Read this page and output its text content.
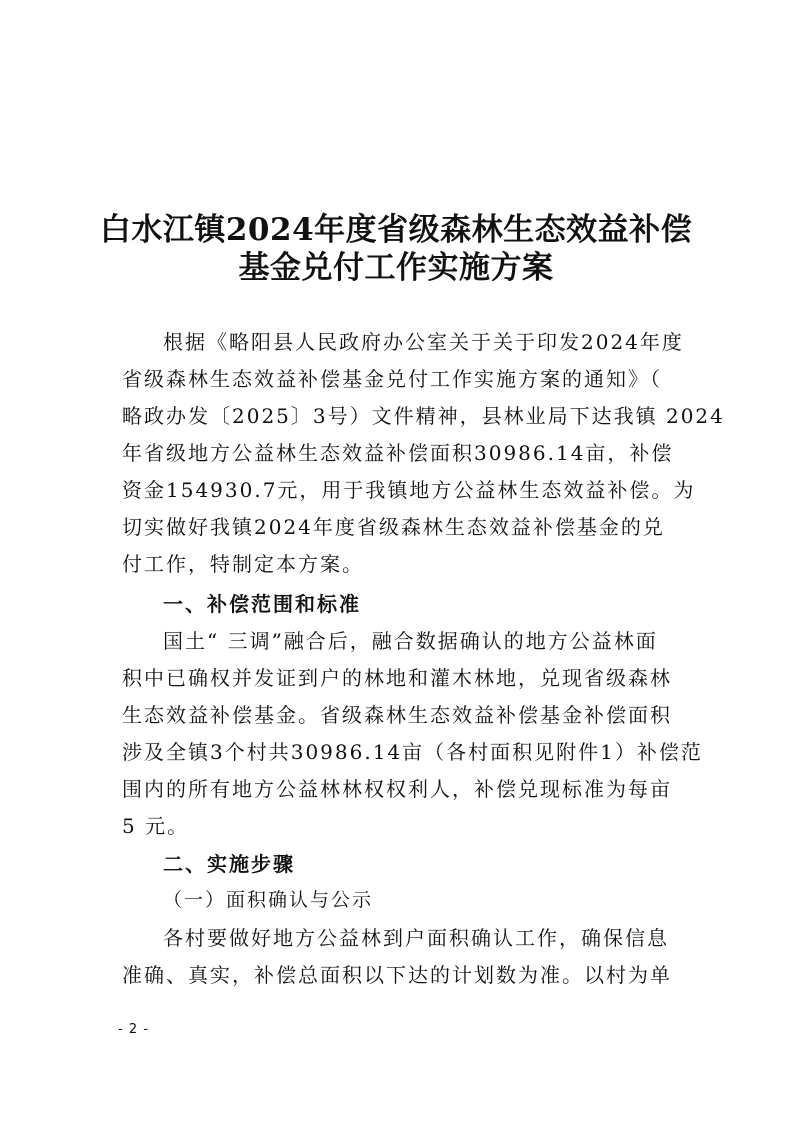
白水江镇2024年度省级森林生态效益补偿
基金兑付工作实施方案
根据《略阳县人民政府办公室关于关于印发2024年度
省级森林生态效益补偿基金兑付工作实施方案的通知》（
略政办发〔2025〕3号）文件精神，县林业局下达我镇 2024
年省级地方公益林生态效益补偿面积30986.14亩，补偿
资金154930.7元，用于我镇地方公益林生态效益补偿。为
切实做好我镇2024年度省级森林生态效益补偿基金的兑
付工作，特制定本方案。
一、补偿范围和标准
国土“ 三调”融合后，融合数据确认的地方公益林面
积中已确权并发证到户的林地和灌木林地，兑现省级森林
生态效益补偿基金。省级森林生态效益补偿基金补偿面积
涉及全镇3个村共30986.14亩（各村面积见附件1）补偿范
围内的所有地方公益林林权权利人，补偿兑现标准为每亩
5 元。
二、实施步骤
（一）面积确认与公示
各村要做好地方公益林到户面积确认工作，确保信息
准确、真实，补偿总面积以下达的计划数为准。以村为单
- 2 -
